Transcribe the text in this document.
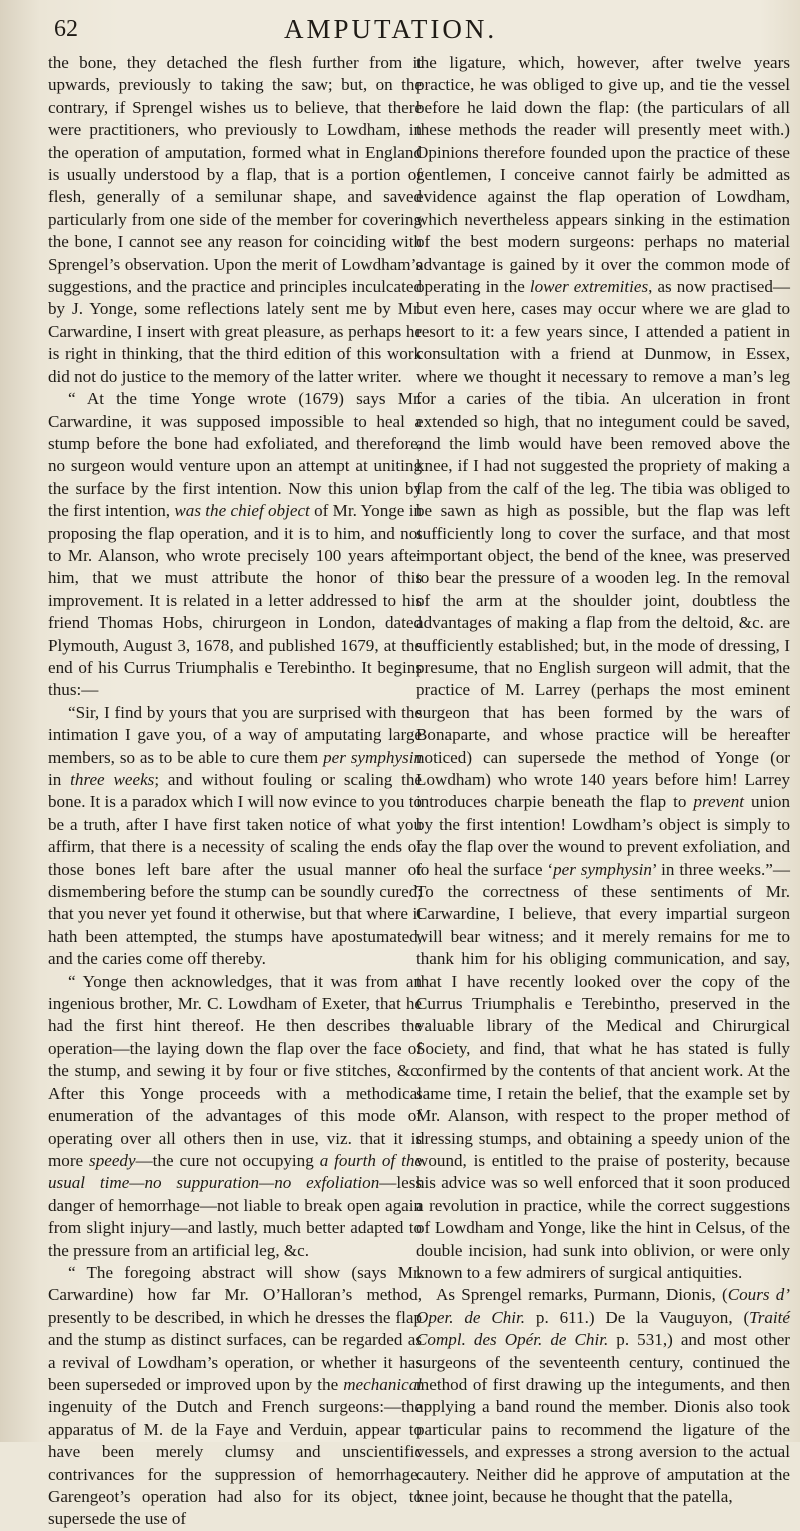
62	AMPUTATION.

the bone, they detached the flesh further from it upwards, previously to taking the saw; but, on the contrary, if Sprengel wishes us to believe, that there were practitioners, who previously to Lowdham, in the operation of amputation, formed what in England is usually understood by a flap, that is a portion of flesh, generally of a semilunar shape, and saved particularly from one side of the member for covering the bone, I cannot see any reason for coinciding with Sprengel’s observation. Upon the merit of Lowdham’s suggestions, and the practice and principles inculcated by J. Yonge, some reflections lately sent me by Mr. Carwardine, I insert with great pleasure, as perhaps he is right in thinking, that the third edition of this work did not do justice to the memory of the latter writer.

“ At the time Yonge wrote (1679) says Mr. Carwardine, it was supposed impossible to heal a stump before the bone had exfoliated, and therefore, no surgeon would venture upon an attempt at uniting the surface by the first intention. Now this union by the first intention, was the chief object of Mr. Yonge in proposing the flap operation, and it is to him, and not to Mr. Alanson, who wrote precisely 100 years after him, that we must attribute the honor of this improvement. It is related in a letter addressed to his friend Thomas Hobs, chirurgeon in London, dated Plymouth, August 3, 1678, and published 1679, at the end of his Currus Triumphalis e Terebintho. It begins thus:—

“Sir, I find by yours that you are surprised with the intimation I gave you, of a way of amputating large members, so as to be able to cure them per symphysin in three weeks; and without fouling or scaling the bone. It is a paradox which I will now evince to you to be a truth, after I have first taken notice of what you affirm, that there is a necessity of scaling the ends of those bones left bare after the usual manner of dismembering before the stump can be soundly cured; that you never yet found it otherwise, but that where it hath been attempted, the stumps have apostumated, and the caries come off thereby.

“ Yonge then acknowledges, that it was from an ingenious brother, Mr. C. Lowdham of Exeter, that he had the first hint thereof. He then describes the operation—the laying down the flap over the face of the stump, and sewing it by four or five stitches, &c. After this Yonge proceeds with a methodical enumeration of the advantages of this mode of operating over all others then in use, viz. that it is more speedy—the cure not occupying a fourth of the usual time—no suppuration—no exfoliation—less danger of hemorrhage—not liable to break open again from slight injury—and lastly, much better adapted to the pressure from an artificial leg, &c.

“ The foregoing abstract will show (says Mr. Carwardine) how far Mr. O’Halloran’s method, presently to be described, in which he dresses the flap and the stump as distinct surfaces, can be regarded as a revival of Lowdham’s operation, or whether it has been superseded or improved upon by the mechanical ingenuity of the Dutch and French surgeons:—the apparatus of M. de la Faye and Verduin, appear to have been merely clumsy and unscientific contrivances for the suppression of hemorrhage. Garengeot’s operation had also for its object, to supersede the use of

the ligature, which, however, after twelve years practice, he was obliged to give up, and tie the vessel before he laid down the flap: (the particulars of all these methods the reader will presently meet with.) Opinions therefore founded upon the practice of these gentlemen, I conceive cannot fairly be admitted as evidence against the flap operation of Lowdham, which nevertheless appears sinking in the estimation of the best modern surgeons: perhaps no material advantage is gained by it over the common mode of operating in the lower extremities, as now practised—but even here, cases may occur where we are glad to resort to it: a few years since, I attended a patient in consultation with a friend at Dunmow, in Essex, where we thought it necessary to remove a man’s leg for a caries of the tibia. An ulceration in front extended so high, that no integument could be saved, and the limb would have been removed above the knee, if I had not suggested the propriety of making a flap from the calf of the leg. The tibia was obliged to be sawn as high as possible, but the flap was left sufficiently long to cover the surface, and that most important object, the bend of the knee, was preserved to bear the pressure of a wooden leg. In the removal of the arm at the shoulder joint, doubtless the advantages of making a flap from the deltoid, &c. are sufficiently established; but, in the mode of dressing, I presume, that no English surgeon will admit, that the practice of M. Larrey (perhaps the most eminent surgeon that has been formed by the wars of Bonaparte, and whose practice will be hereafter noticed) can supersede the method of Yonge (or Lowdham) who wrote 140 years before him! Larrey introduces charpie beneath the flap to prevent union by the first intention! Lowdham’s object is simply to lay the flap over the wound to prevent exfoliation, and to heal the surface ‘per symphysin’ in three weeks.”—To the correctness of these sentiments of Mr. Carwardine, I believe, that every impartial surgeon will bear witness; and it merely remains for me to thank him for his obliging communication, and say, that I have recently looked over the copy of the Currus Triumphalis e Terebintho, preserved in the valuable library of the Medical and Chirurgical Society, and find, that what he has stated is fully confirmed by the contents of that ancient work. At the same time, I retain the belief, that the example set by Mr. Alanson, with respect to the proper method of dressing stumps, and obtaining a speedy union of the wound, is entitled to the praise of posterity, because his advice was so well enforced that it soon produced a revolution in practice, while the correct suggestions of Lowdham and Yonge, like the hint in Celsus, of the double incision, had sunk into oblivion, or were only known to a few admirers of surgical antiquities.

As Sprengel remarks, Purmann, Dionis, (Cours d’ Oper. de Chir. p. 611.) De la Vauguyon, (Traité Compl. des Opér. de Chir. p. 531,) and most other surgeons of the seventeenth century, continued the method of first drawing up the integuments, and then applying a band round the member. Dionis also took particular pains to recommend the ligature of the vessels, and expresses a strong aversion to the actual cautery. Neither did he approve of amputation at the knee joint, because he thought that the patella,
